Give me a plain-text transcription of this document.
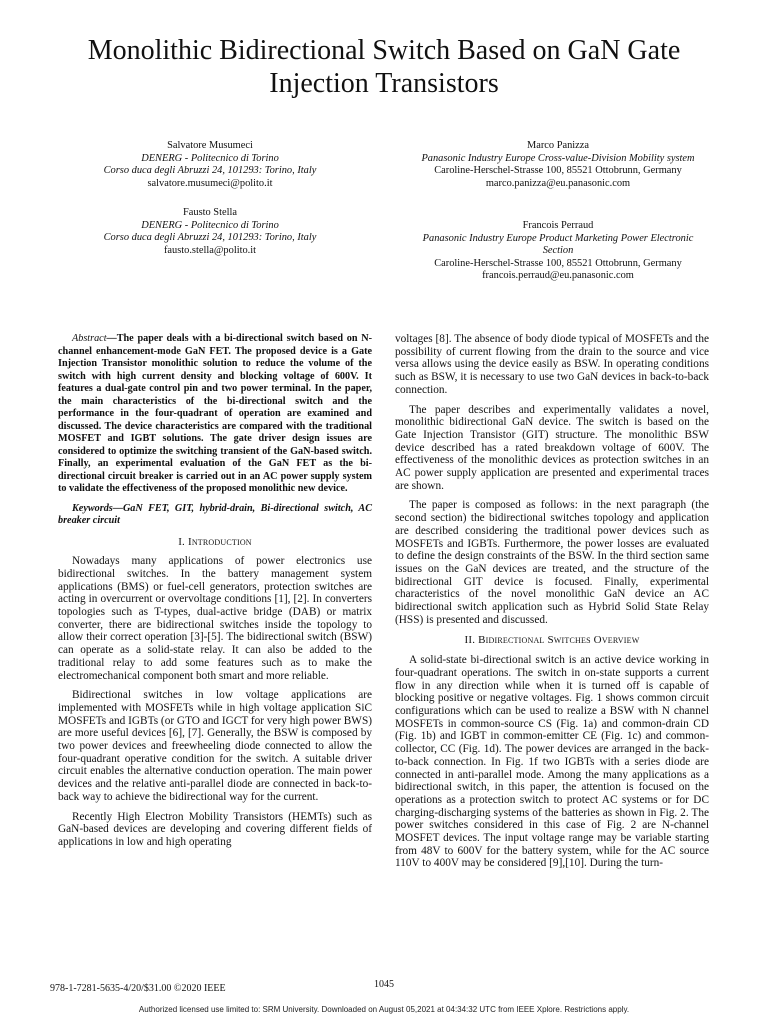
Monolithic Bidirectional Switch Based on GaN Gate Injection Transistors
Salvatore Musumeci
DENERG - Politecnico di Torino
Corso duca degli Abruzzi 24, 101293: Torino, Italy
salvatore.musumeci@polito.it
Fausto Stella
DENERG - Politecnico di Torino
Corso duca degli Abruzzi 24, 101293: Torino, Italy
fausto.stella@polito.it
Marco Panizza
Panasonic Industry Europe Cross-value-Division Mobility system
Caroline-Herschel-Strasse 100, 85521 Ottobrunn, Germany
marco.panizza@eu.panasonic.com
Francois Perraud
Panasonic Industry Europe Product Marketing Power Electronic Section
Caroline-Herschel-Strasse 100, 85521 Ottobrunn, Germany
francois.perraud@eu.panasonic.com

Abstract—The paper deals with a bi-directional switch based on N-channel enhancement-mode GaN FET. The proposed device is a Gate Injection Transistor monolithic solution to reduce the volume of the switch with high current density and blocking voltage of 600V. It features a dual-gate control pin and two power terminal. In the paper, the main characteristics of the bi-directional switch and the performance in the four-quadrant of operation are examined and discussed. The device characteristics are compared with the traditional MOSFET and IGBT solutions. The gate driver design issues are considered to optimize the switching transient of the GaN-based switch. Finally, an experimental evaluation of the GaN FET as the bi-directional circuit breaker is carried out in an AC power supply system to validate the effectiveness of the proposed monolithic new device.

Keywords—GaN FET, GIT, hybrid-drain, Bi-directional switch, AC breaker circuit

I. Introduction

Nowadays many applications of power electronics use bidirectional switches. In the battery management system applications (BMS) or fuel-cell generators, protection switches are acting in overcurrent or overvoltage conditions [1], [2]. In converters topologies such as T-types, dual-active bridge (DAB) or matrix converter, there are bidirectional switches inside the topology to allow their correct operation [3]-[5]. The bidirectional switch (BSW) can operate as a solid-state relay. It can also be added to the traditional relay to add some features such as to make the electromechanical component both smart and more reliable.

Bidirectional switches in low voltage applications are implemented with MOSFETs while in high voltage application SiC MOSFETs and IGBTs (or GTO and IGCT for very high power BWS) are more useful devices [6], [7]. Generally, the BSW is composed by two power devices and freewheeling diode connected to allow the four-quadrant operative condition for the switch. A suitable driver circuit enables the alternative conduction operation. The main power devices and the relative anti-parallel diode are connected in back-to-back way to achieve the bidirectional way for the current.

Recently High Electron Mobility Transistors (HEMTs) such as GaN-based devices are developing and covering different fields of applications in low and high operating

voltages [8]. The absence of body diode typical of MOSFETs and the possibility of current flowing from the drain to the source and vice versa allows using the device easily as BSW. In operating conditions such as BSW, it is necessary to use two GaN devices in back-to-back connection.

The paper describes and experimentally validates a novel, monolithic bidirectional GaN device. The switch is based on the Gate Injection Transistor (GIT) structure. The monolithic BSW device described has a rated breakdown voltage of 600V. The effectiveness of the monolithic devices as protection switches in an AC power supply application are presented and experimental traces are shown.

The paper is composed as follows: in the next paragraph (the second section) the bidirectional switches topology and application are described considering the traditional power devices such as MOSFETs and IGBTs. Furthermore, the power losses are evaluated to define the design constraints of the BSW. In the third section same issues on the GaN devices are treated, and the structure of the bidirectional GIT device is focused. Finally, experimental characteristics of the novel monolithic GaN device an AC bidirectional switch application such as Hybrid Solid State Relay (HSS) is presented and discussed.

II. Bidirectional Switches Overview

A solid-state bi-directional switch is an active device working in four-quadrant operations. The switch in on-state supports a current flow in any direction while when it is turned off is capable of blocking positive or negative voltages. Fig. 1 shows common circuit configurations which can be used to realize a BSW with N channel MOSFETs in common-source CS (Fig. 1a) and common-drain CD (Fig. 1b) and IGBT in common-emitter CE (Fig. 1c) and common-collector, CC (Fig. 1d). The power devices are arranged in the back-to-back connection. In Fig. 1f two IGBTs with a series diode are connected in anti-parallel mode. Among the many applications as a bidirectional switch, in this paper, the attention is focused on the operations as a protection switch to protect AC systems or for DC charging-discharging systems of the batteries as shown in Fig. 2. The power switches considered in this case of Fig. 2 are N-channel MOSFET devices. The input voltage range may be variable starting from 48V to 600V for the battery system, while for the AC source 110V to 400V may be considered [9],[10]. During the turn-

1045
978-1-7281-5635-4/20/$31.00 ©2020 IEEE
Authorized licensed use limited to: SRM University. Downloaded on August 05,2021 at 04:34:32 UTC from IEEE Xplore. Restrictions apply.
